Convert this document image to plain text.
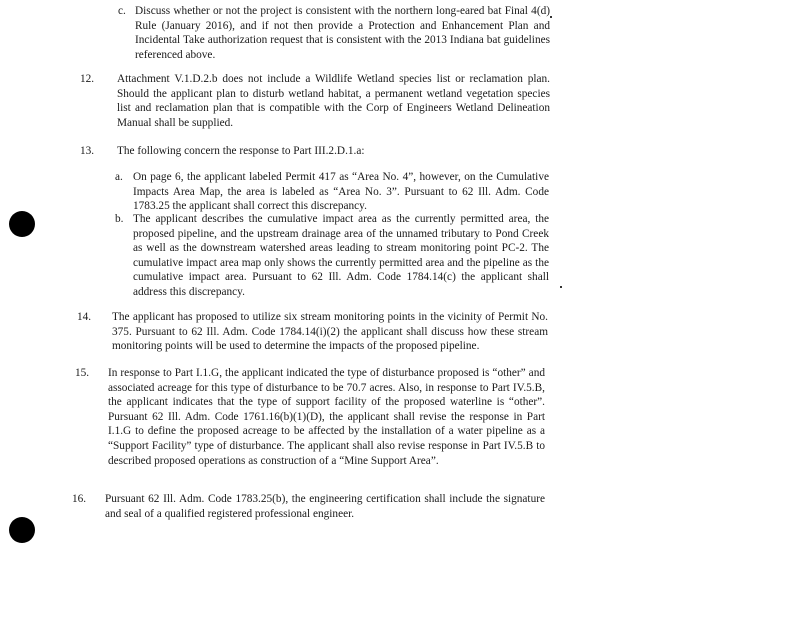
c. Discuss whether or not the project is consistent with the northern long-eared bat Final 4(d) Rule (January 2016), and if not then provide a Protection and Enhancement Plan and Incidental Take authorization request that is consistent with the 2013 Indiana bat guidelines referenced above.

12. Attachment V.1.D.2.b does not include a Wildlife Wetland species list or reclamation plan. Should the applicant plan to disturb wetland habitat, a permanent wetland vegetation species list and reclamation plan that is compatible with the Corp of Engineers Wetland Delineation Manual shall be supplied.

13. The following concern the response to Part III.2.D.1.a:

a. On page 6, the applicant labeled Permit 417 as “Area No. 4”, however, on the Cumulative Impacts Area Map, the area is labeled as “Area No. 3”. Pursuant to 62 Ill. Adm. Code 1783.25 the applicant shall correct this discrepancy.

b. The applicant describes the cumulative impact area as the currently permitted area, the proposed pipeline, and the upstream drainage area of the unnamed tributary to Pond Creek as well as the downstream watershed areas leading to stream monitoring point PC-2. The cumulative impact area map only shows the currently permitted area and the pipeline as the cumulative impact area. Pursuant to 62 Ill. Adm. Code 1784.14(c) the applicant shall address this discrepancy.

14. The applicant has proposed to utilize six stream monitoring points in the vicinity of Permit No. 375. Pursuant to 62 Ill. Adm. Code 1784.14(i)(2) the applicant shall discuss how these stream monitoring points will be used to determine the impacts of the proposed pipeline.

15. In response to Part I.1.G, the applicant indicated the type of disturbance proposed is “other” and associated acreage for this type of disturbance to be 70.7 acres. Also, in response to Part IV.5.B, the applicant indicates that the type of support facility of the proposed waterline is “other”. Pursuant 62 Ill. Adm. Code 1761.16(b)(1)(D), the applicant shall revise the response in Part I.1.G to define the proposed acreage to be affected by the installation of a water pipeline as a “Support Facility” type of disturbance. The applicant shall also revise response in Part IV.5.B to described proposed operations as construction of a “Mine Support Area”.

16. Pursuant 62 Ill. Adm. Code 1783.25(b), the engineering certification shall include the signature and seal of a qualified registered professional engineer.
